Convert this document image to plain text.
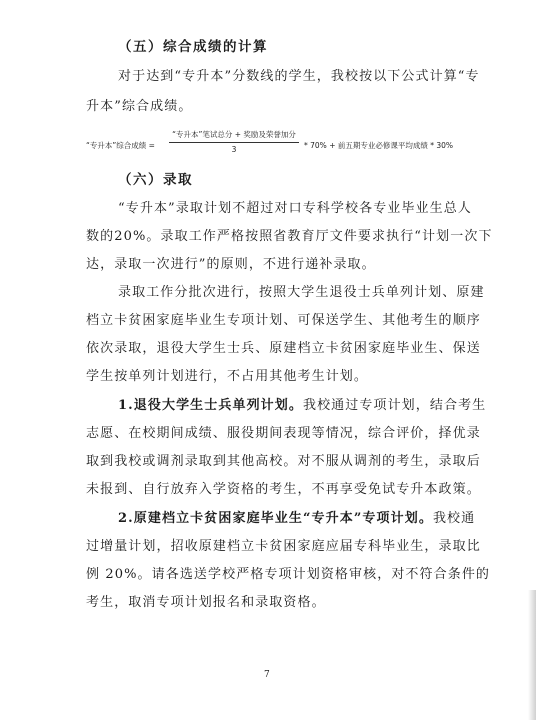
（五）综合成绩的计算
对于达到“专升本”分数线的学生，我校按以下公式计算“专
升本”综合成绩。
“专升本”综合成绩 =
“专升本”笔试总分 + 奖励及荣誉加分
3	* 70% + 前五期专业必修课平均成绩 * 30%
（六）录取
“专升本”录取计划不超过对口专科学校各专业毕业生总人
数的20%。录取工作严格按照省教育厅文件要求执行“计划一次下
达，录取一次进行”的原则，不进行递补录取。
录取工作分批次进行，按照大学生退役士兵单列计划、原建
档立卡贫困家庭毕业生专项计划、可保送学生、其他考生的顺序
依次录取，退役大学生士兵、原建档立卡贫困家庭毕业生、保送
学生按单列计划进行，不占用其他考生计划。
1.退役大学生士兵单列计划。我校通过专项计划，结合考生
志愿、在校期间成绩、服役期间表现等情况，综合评价，择优录
取到我校或调剂录取到其他高校。对不服从调剂的考生，录取后
未报到、自行放弃入学资格的考生，不再享受免试专升本政策。
2.原建档立卡贫困家庭毕业生“专升本”专项计划。我校通
过增量计划，招收原建档立卡贫困家庭应届专科毕业生，录取比
例 20%。请各选送学校严格专项计划资格审核，对不符合条件的
考生，取消专项计划报名和录取资格。
7
